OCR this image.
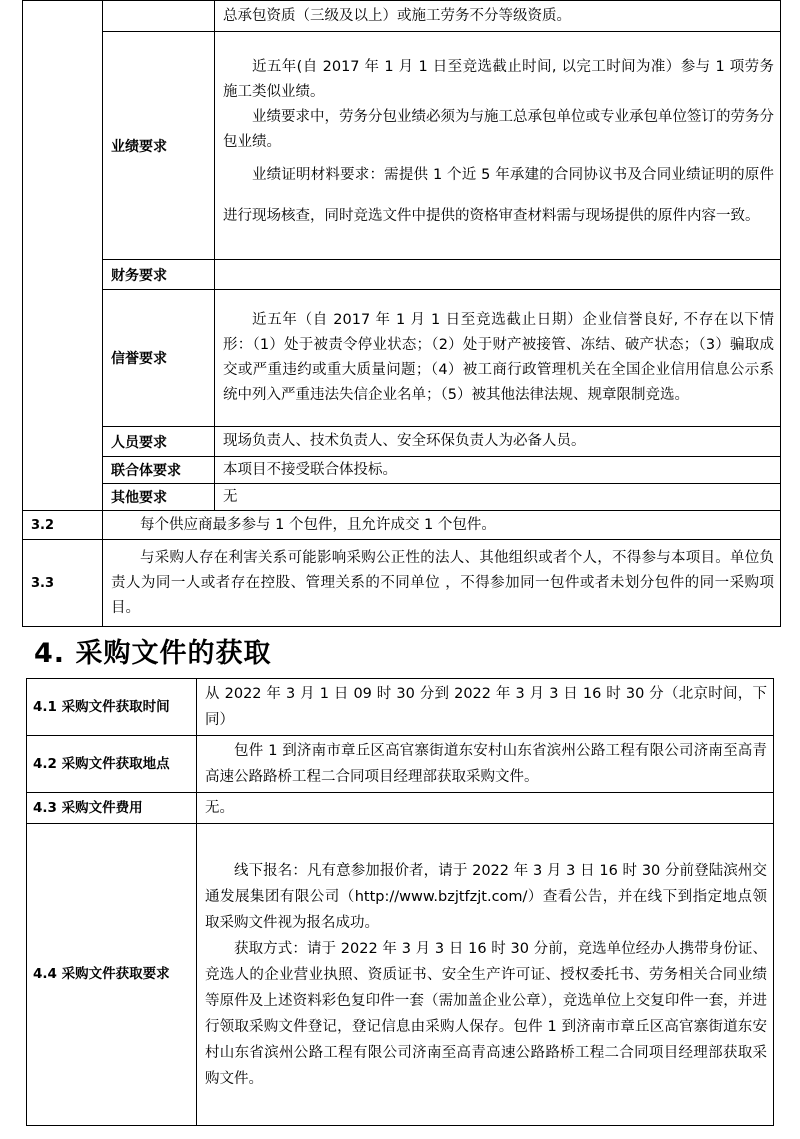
		总承包资质（三级及以上）或施工劳务不分等级资质。
	业绩要求	近五年(自 2017 年 1 月 1 日至竞选截止时间, 以完工时间为准）参与 1 项劳务施工类似业绩。

业绩要求中，劳务分包业绩必须为与施工总承包单位或专业承包单位签订的劳务分包业绩。

业绩证明材料要求：需提供 1 个近 5 年承建的合同协议书及合同业绩证明的原件进行现场核查，同时竞选文件中提供的资格审查材料需与现场提供的原件内容一致。

	财务要求	
	信誉要求	近五年（自 2017 年 1 月 1 日至竞选截止日期）企业信誉良好, 不存在以下情形：（1）处于被责令停业状态；（2）处于财产被接管、冻结、破产状态；（3）骗取成交或严重违约或重大质量问题；（4）被工商行政管理机关在全国企业信用信息公示系统中列入严重违法失信企业名单；（5）被其他法律法规、规章限制竞选。

	人员要求	现场负责人、技术负责人、安全环保负责人为必备人员。
	联合体要求	本项目不接受联合体投标。
	其他要求	无
3.2	每个供应商最多参与 1 个包件，且允许成交 1 个包件。	

3.3	与采购人存在利害关系可能影响采购公正性的法人、其他组织或者个人，不得参与本项目。单位负责人为同一人或者存在控股、管理关系的不同单位 ，不得参加同一包件或者未划分包件的同一采购项目。	

4. 采购文件的获取
4.1 采购文件获取时间	从 2022 年 3 月 1 日 09 时 30 分到 2022 年 3 月 3 日 16 时 30 分（北京时间，下同）
4.2 采购文件获取地点	包件 1 到济南市章丘区高官寨街道东安村山东省滨州公路工程有限公司济南至高青高速公路路桥工程二合同项目经理部获取采购文件。

4.3 采购文件费用	无。
4.4 采购文件获取要求	线下报名：凡有意参加报价者，请于 2022 年 3 月 3 日 16 时 30 分前登陆滨州交通发展集团有限公司（http://www.bzjtfzjt.com/）查看公告，并在线下到指定地点领取采购文件视为报名成功。

获取方式：请于 2022 年 3 月 3 日 16 时 30 分前，竞选单位经办人携带身份证、竞选人的企业营业执照、资质证书、安全生产许可证、授权委托书、劳务相关合同业绩等原件及上述资料彩色复印件一套（需加盖企业公章），竞选单位上交复印件一套，并进行领取采购文件登记，登记信息由采购人保存。包件 1 到济南市章丘区高官寨街道东安村山东省滨州公路工程有限公司济南至高青高速公路路桥工程二合同项目经理部获取采购文件。
